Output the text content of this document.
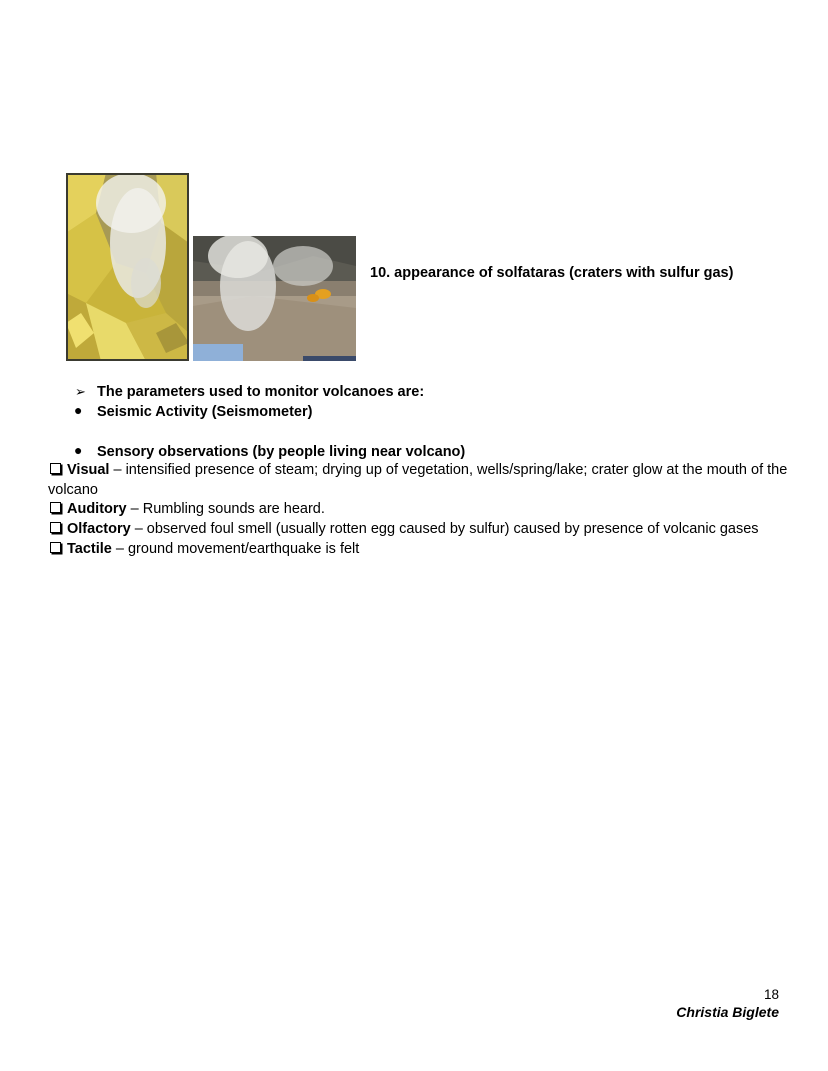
10. appearance of solfataras (craters with sulfur gas)
➢ The parameters used to monitor volcanoes are:
● Seismic Activity (Seismometer)
● Sensory observations (by people living near volcano)
Visual – intensified presence of steam; drying up of vegetation, wells/spring/lake; crater glow at the mouth of the volcano
Auditory – Rumbling sounds are heard.
Olfactory – observed foul smell (usually rotten egg caused by sulfur) caused by presence of volcanic gases
Tactile – ground movement/earthquake is felt
18
Christia Biglete
